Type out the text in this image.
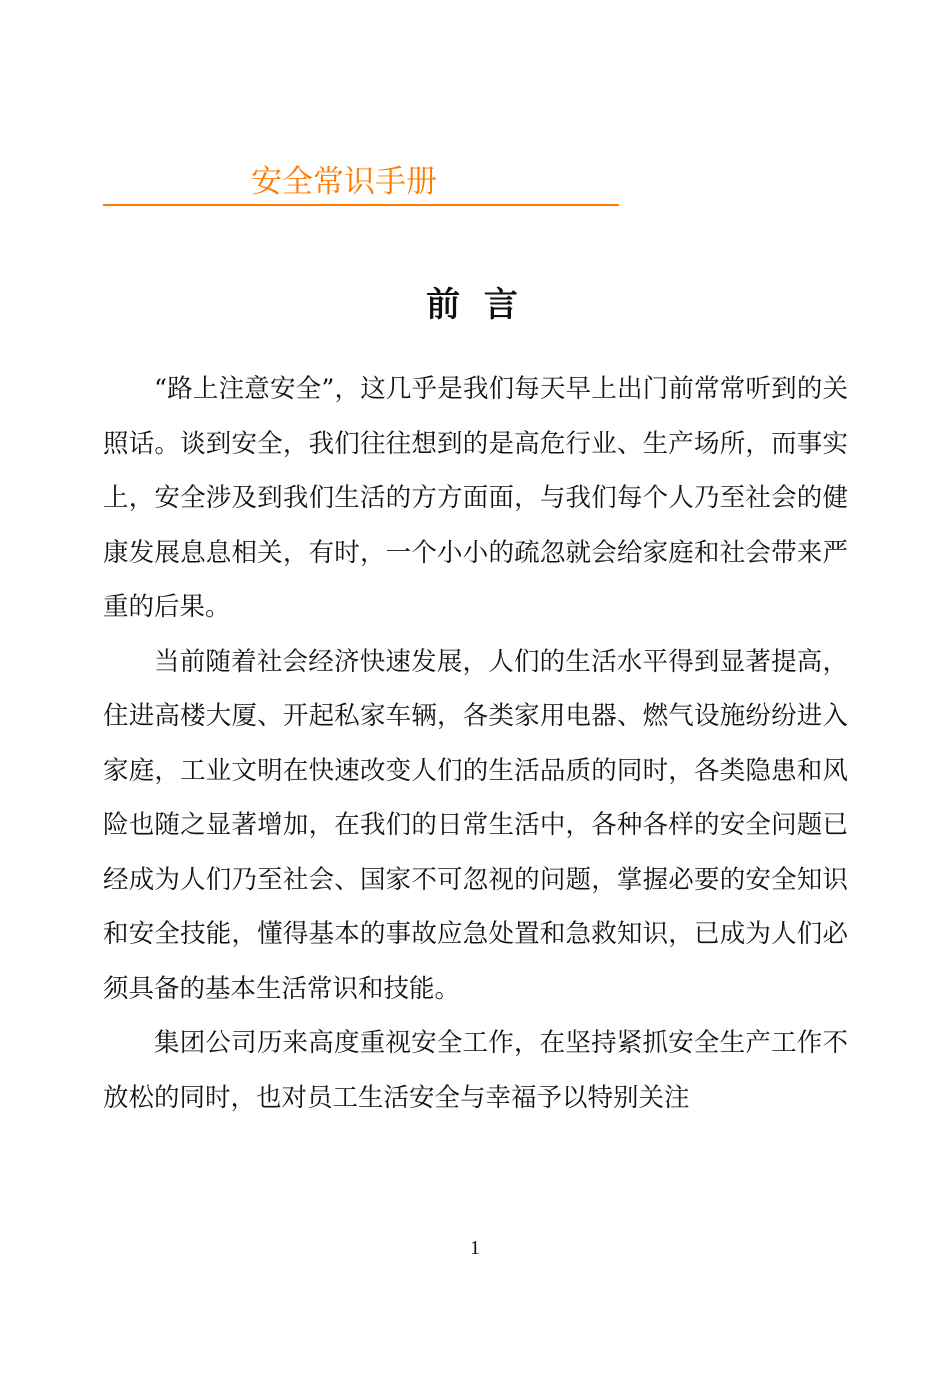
安全常识手册
前 言

“路上注意安全”，这几乎是我们每天早上出门前常常听到的关照话。谈到安全，我们往往想到的是高危行业、生产场所，而事实上，安全涉及到我们生活的方方面面，与我们每个人乃至社会的健康发展息息相关，有时，一个小小的疏忽就会给家庭和社会带来严重的后果。

当前随着社会经济快速发展，人们的生活水平得到显著提高，住进高楼大厦、开起私家车辆，各类家用电器、燃气设施纷纷进入家庭，工业文明在快速改变人们的生活品质的同时，各类隐患和风险也随之显著增加，在我们的日常生活中，各种各样的安全问题已经成为人们乃至社会、国家不可忽视的问题，掌握必要的安全知识和安全技能，懂得基本的事故应急处置和急救知识，已成为人们必须具备的基本生活常识和技能。

集团公司历来高度重视安全工作，在坚持紧抓安全生产工作不放松的同时，也对员工生活安全与幸福予以特别关注

1
